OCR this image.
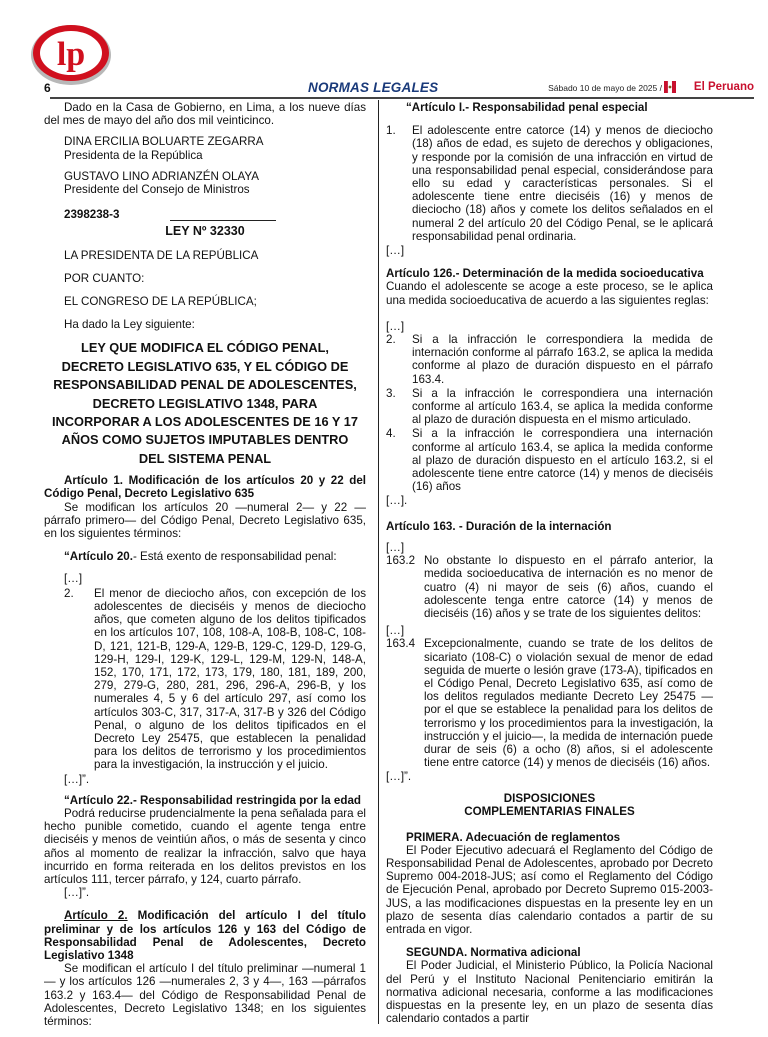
lp
6	NORMAS LEGALES	Sábado 10 de mayo de 2025 /	El Peruano

Dado en la Casa de Gobierno, en Lima, a los nueve días del mes de mayo del año dos mil veinticinco.

DINA ERCILIA BOLUARTE ZEGARRA
Presidenta de la República
GUSTAVO LINO ADRIANZÉN OLAYA
Presidente del Consejo de Ministros

2398238-3

LEY Nº 32330

LA PRESIDENTA DE LA REPÚBLICA

POR CUANTO:

EL CONGRESO DE LA REPÚBLICA;

Ha dado la Ley siguiente:

LEY QUE MODIFICA EL CÓDIGO PENAL, DECRETO LEGISLATIVO 635, Y EL CÓDIGO DE RESPONSABILIDAD PENAL DE ADOLESCENTES, DECRETO LEGISLATIVO 1348, PARA INCORPORAR A LOS ADOLESCENTES DE 16 Y 17 AÑOS COMO SUJETOS IMPUTABLES DENTRO DEL SISTEMA PENAL

Artículo 1. Modificación de los artículos 20 y 22 del Código Penal, Decreto Legislativo 635

Se modifican los artículos 20 —numeral 2— y 22 —párrafo primero— del Código Penal, Decreto Legislativo 635, en los siguientes términos:

“Artículo 20.- Está exento de responsabilidad penal:

[…]

2.	El menor de dieciocho años, con excepción de los adolescentes de dieciséis y menos de dieciocho años, que cometen alguno de los delitos tipificados en los artículos 107, 108, 108-A, 108-B, 108-C, 108-D, 121, 121-B, 129-A, 129-B, 129-C, 129-D, 129-G, 129-H, 129-I, 129-K, 129-L, 129-M, 129-N, 148-A, 152, 170, 171, 172, 173, 179, 180, 181, 189, 200, 279, 279-G, 280, 281, 296, 296-A, 296-B, y los numerales 4, 5 y 6 del artículo 297, así como los artículos 303-C, 317, 317-A, 317-B y 326 del Código Penal, o alguno de los delitos tipificados en el Decreto Ley 25475, que establecen la penalidad para los delitos de terrorismo y los procedimientos para la investigación, la instrucción y el juicio.

[…]”.

“Artículo 22.- Responsabilidad restringida por la edad

Podrá reducirse prudencialmente la pena señalada para el hecho punible cometido, cuando el agente tenga entre dieciséis y menos de veintiún años, o más de sesenta y cinco años al momento de realizar la infracción, salvo que haya incurrido en forma reiterada en los delitos previstos en los artículos 111, tercer párrafo, y 124, cuarto párrafo.

[…]”.

Artículo 2. Modificación del artículo I del título preliminar y de los artículos 126 y 163 del Código de Responsabilidad Penal de Adolescentes, Decreto Legislativo 1348

Se modifican el artículo I del título preliminar —numeral 1— y los artículos 126 —numerales 2, 3 y 4—, 163 —párrafos 163.2 y 163.4— del Código de Responsabilidad Penal de Adolescentes, Decreto Legislativo 1348; en los siguientes términos:

“Artículo I.- Responsabilidad penal especial

1.	El adolescente entre catorce (14) y menos de dieciocho (18) años de edad, es sujeto de derechos y obligaciones, y responde por la comisión de una infracción en virtud de una responsabilidad penal especial, considerándose para ello su edad y características personales. Si el adolescente tiene entre dieciséis (16) y menos de dieciocho (18) años y comete los delitos señalados en el numeral 2 del artículo 20 del Código Penal, se le aplicará responsabilidad penal ordinaria.

[…]

Artículo 126.- Determinación de la medida socioeducativa

Cuando el adolescente se acoge a este proceso, se le aplica una medida socioeducativa de acuerdo a las siguientes reglas:

[…]

2.	Si a la infracción le correspondiera la medida de internación conforme al párrafo 163.2, se aplica la medida conforme al plazo de duración dispuesto en el párrafo 163.4.
3.	Si a la infracción le correspondiera una internación conforme al artículo 163.4, se aplica la medida conforme al plazo de duración dispuesta en el mismo articulado.
4.	Si a la infracción le correspondiera una internación conforme al artículo 163.4, se aplica la medida conforme al plazo de duración dispuesto en el artículo 163.2, si el adolescente tiene entre catorce (14) y menos de dieciséis (16) años

[…].

Artículo 163. - Duración de la internación

[…]

163.2 No obstante lo dispuesto en el párrafo anterior, la medida socioeducativa de internación es no menor de cuatro (4) ni mayor de seis (6) años, cuando el adolescente tenga entre catorce (14) y menos de dieciséis (16) años y se trate de los siguientes delitos:

[…]

163.4 Excepcionalmente, cuando se trate de los delitos de sicariato (108-C) o violación sexual de menor de edad seguida de muerte o lesión grave (173-A), tipificados en el Código Penal, Decreto Legislativo 635, así como de los delitos regulados mediante Decreto Ley 25475 — por el que se establece la penalidad para los delitos de terrorismo y los procedimientos para la investigación, la instrucción y el juicio—, la medida de internación puede durar de seis (6) a ocho (8) años, si el adolescente tiene entre catorce (14) y menos de dieciséis (16) años.

[…]”.

DISPOSICIONES COMPLEMENTARIAS FINALES

PRIMERA. Adecuación de reglamentos

El Poder Ejecutivo adecuará el Reglamento del Código de Responsabilidad Penal de Adolescentes, aprobado por Decreto Supremo 004-2018-JUS; así como el Reglamento del Código de Ejecución Penal, aprobado por Decreto Supremo 015-2003-JUS, a las modificaciones dispuestas en la presente ley en un plazo de sesenta días calendario contados a partir de su entrada en vigor.

SEGUNDA. Normativa adicional

El Poder Judicial, el Ministerio Público, la Policía Nacional del Perú y el Instituto Nacional Penitenciario emitirán la normativa adicional necesaria, conforme a las modificaciones dispuestas en la presente ley, en un plazo de sesenta días calendario contados a partir
